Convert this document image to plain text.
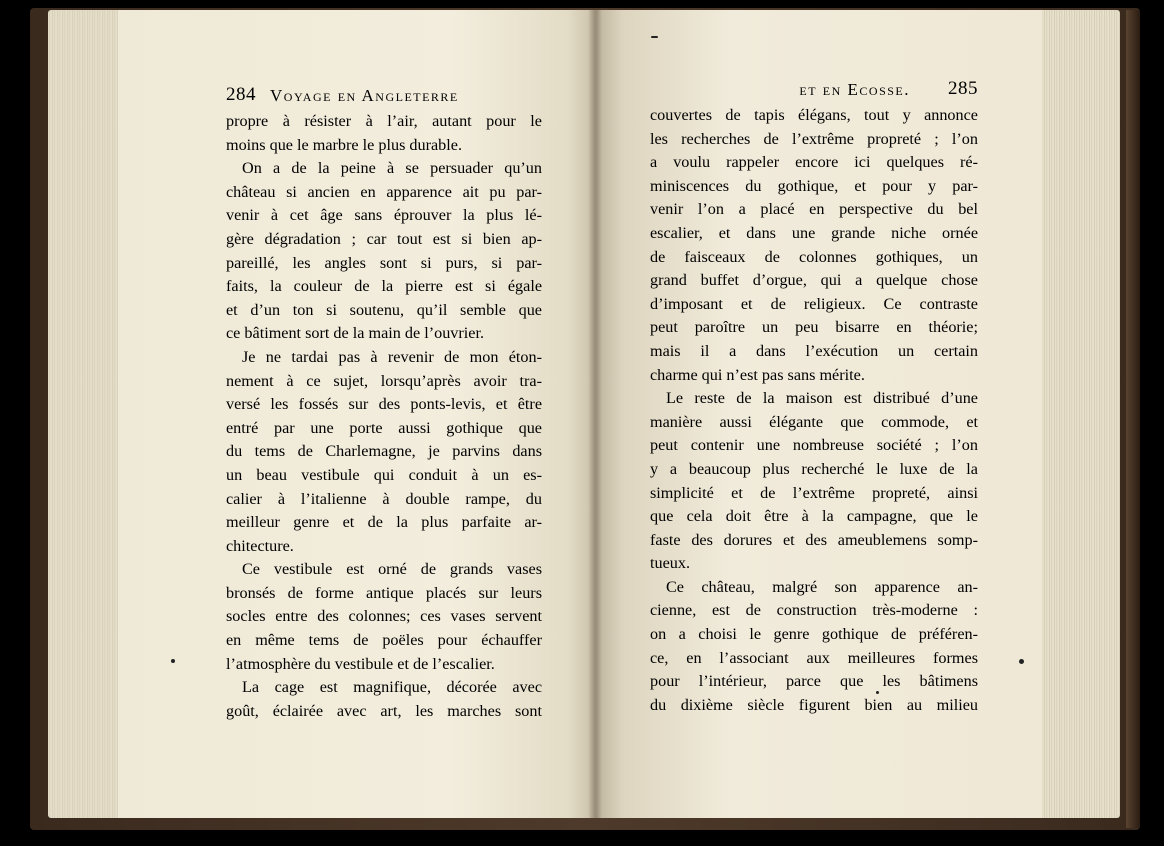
284 Voyage en Angleterre
propre à résister à l’air, autant pour le
moins que le marbre le plus durable.
On a de la peine à se persuader qu’un
château si ancien en apparence ait pu par-
venir à cet âge sans éprouver la plus lé-
gère dégradation ; car tout est si bien ap-
pareillé, les angles sont si purs, si par-
faits, la couleur de la pierre est si égale
et d’un ton si soutenu, qu’il semble que
ce bâtiment sort de la main de l’ouvrier.
Je ne tardai pas à revenir de mon éton-
nement à ce sujet, lorsqu’après avoir tra-
versé les fossés sur des ponts-levis, et être
entré par une porte aussi gothique que
du tems de Charlemagne, je parvins dans
un beau vestibule qui conduit à un es-
calier à l’italienne à double rampe, du
meilleur genre et de la plus parfaite ar-
chitecture.
Ce vestibule est orné de grands vases
bronsés de forme antique placés sur leurs
socles entre des colonnes; ces vases servent
en même tems de poëles pour échauffer
l’atmosphère du vestibule et de l’escalier.
La cage est magnifique, décorée avec
goût, éclairée avec art, les marches sont
et en Ecosse. 285
couvertes de tapis élégans, tout y annonce
les recherches de l’extrême propreté ; l’on
a voulu rappeler encore ici quelques ré-
miniscences du gothique, et pour y par-
venir l’on a placé en perspective du bel
escalier, et dans une grande niche ornée
de faisceaux de colonnes gothiques, un
grand buffet d’orgue, qui a quelque chose
d’imposant et de religieux. Ce contraste
peut paroître un peu bisarre en théorie;
mais il a dans l’exécution un certain
charme qui n’est pas sans mérite.
Le reste de la maison est distribué d’une
manière aussi élégante que commode, et
peut contenir une nombreuse société ; l’on
y a beaucoup plus recherché le luxe de la
simplicité et de l’extrême propreté, ainsi
que cela doit être à la campagne, que le
faste des dorures et des ameublemens somp-
tueux.
Ce château, malgré son apparence an-
cienne, est de construction très-moderne :
on a choisi le genre gothique de préféren-
ce, en l’associant aux meilleures formes
pour l’intérieur, parce que les bâtimens
du dixième siècle figurent bien au milieu
